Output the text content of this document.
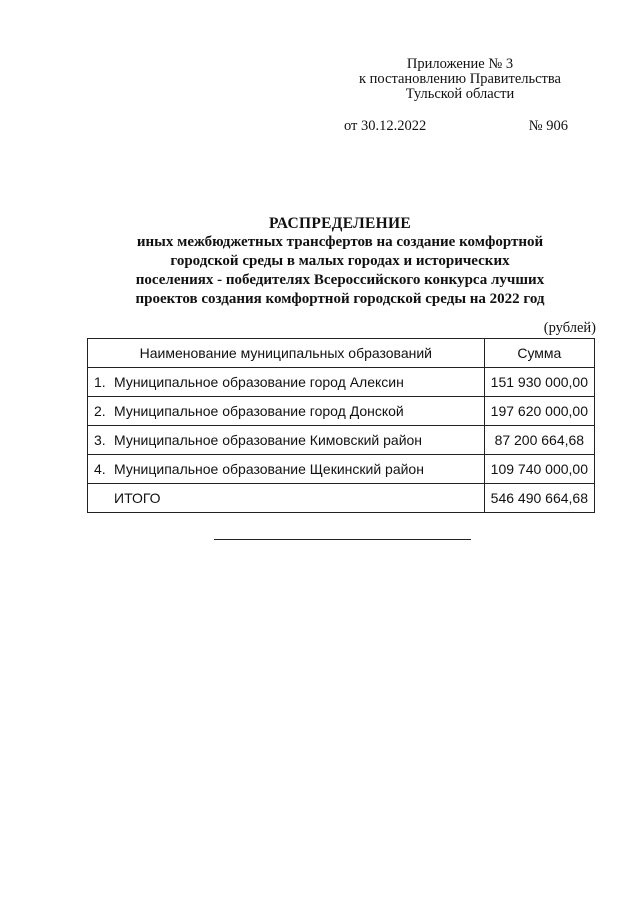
Приложение № 3
к постановлению Правительства
Тульской области
от 30.12.2022	№ 906
РАСПРЕДЕЛЕНИЕ
иных межбюджетных трансфертов на создание комфортной
городской среды в малых городах и исторических
поселениях - победителях Всероссийского конкурса лучших
проектов создания комфортной городской среды на 2022 год
(рублей)
Наименование муниципальных образований	Сумма
1. Муниципальное образование город Алексин	151 930 000,00
2. Муниципальное образование город Донской	197 620 000,00
3. Муниципальное образование Кимовский район	87 200 664,68
4. Муниципальное образование Щекинский район	109 740 000,00
ИТОГО	546 490 664,68
